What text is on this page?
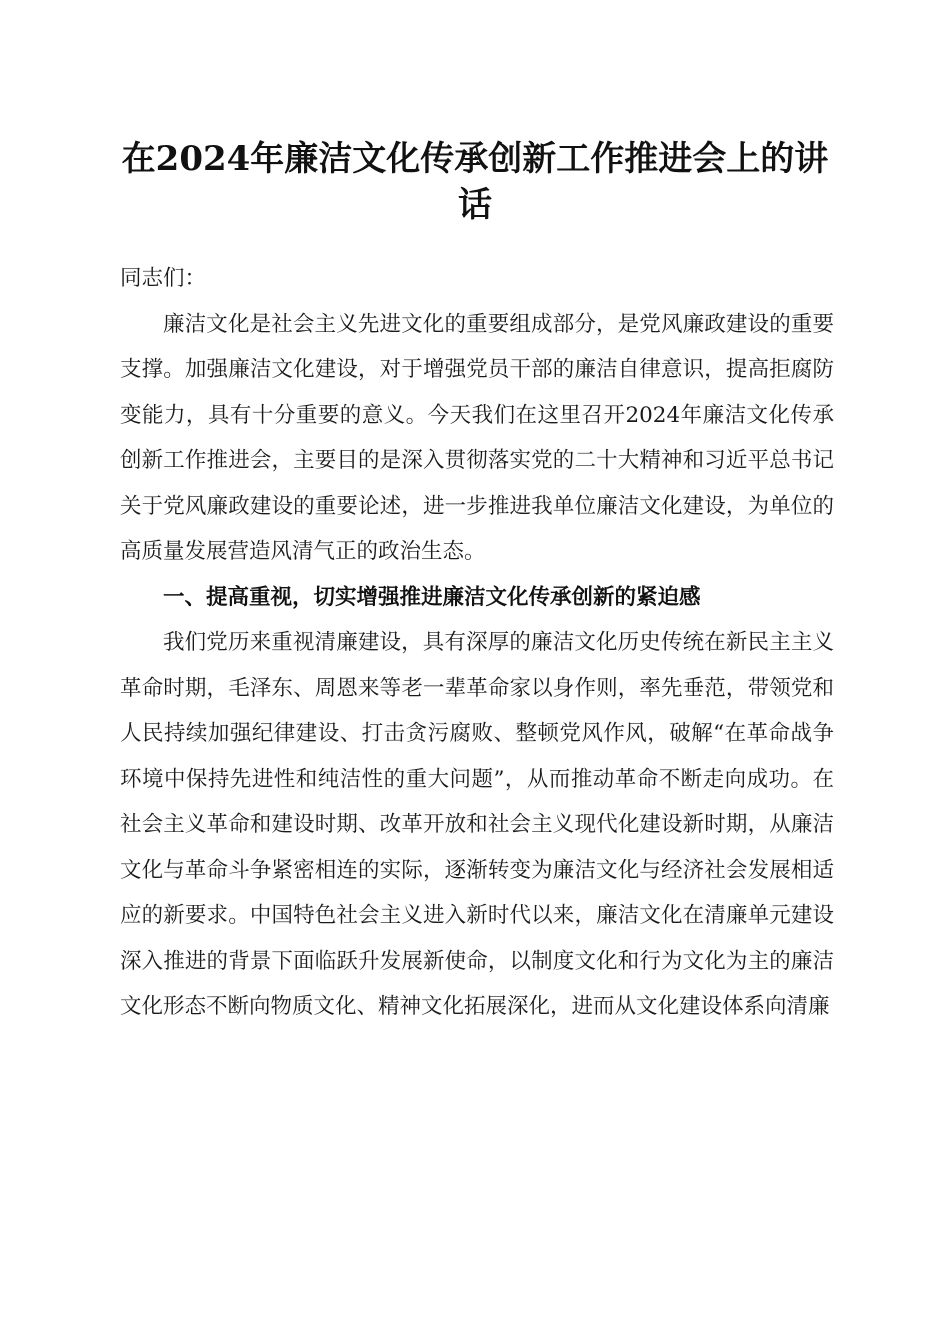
在2024年廉洁文化传承创新工作推进会上的讲话

同志们：

廉洁文化是社会主义先进文化的重要组成部分，是党风廉政建设的重要支撑。加强廉洁文化建设，对于增强党员干部的廉洁自律意识，提高拒腐防变能力，具有十分重要的意义。今天我们在这里召开2024年廉洁文化传承创新工作推进会，主要目的是深入贯彻落实党的二十大精神和习近平总书记关于党风廉政建设的重要论述，进一步推进我单位廉洁文化建设，为单位的高质量发展营造风清气正的政治生态。

一、提高重视，切实增强推进廉洁文化传承创新的紧迫感

我们党历来重视清廉建设，具有深厚的廉洁文化历史传统在新民主主义革命时期，毛泽东、周恩来等老一辈革命家以身作则，率先垂范，带领党和人民持续加强纪律建设、打击贪污腐败、整顿党风作风，破解“在革命战争环境中保持先进性和纯洁性的重大问题”，从而推动革命不断走向成功。在社会主义革命和建设时期、改革开放和社会主义现代化建设新时期，从廉洁文化与革命斗争紧密相连的实际，逐渐转变为廉洁文化与经济社会发展相适应的新要求。中国特色社会主义进入新时代以来，廉洁文化在清廉单元建设深入推进的背景下面临跃升发展新使命，以制度文化和行为文化为主的廉洁文化形态不断向物质文化、精神文化拓展深化，进而从文化建设体系向清廉
